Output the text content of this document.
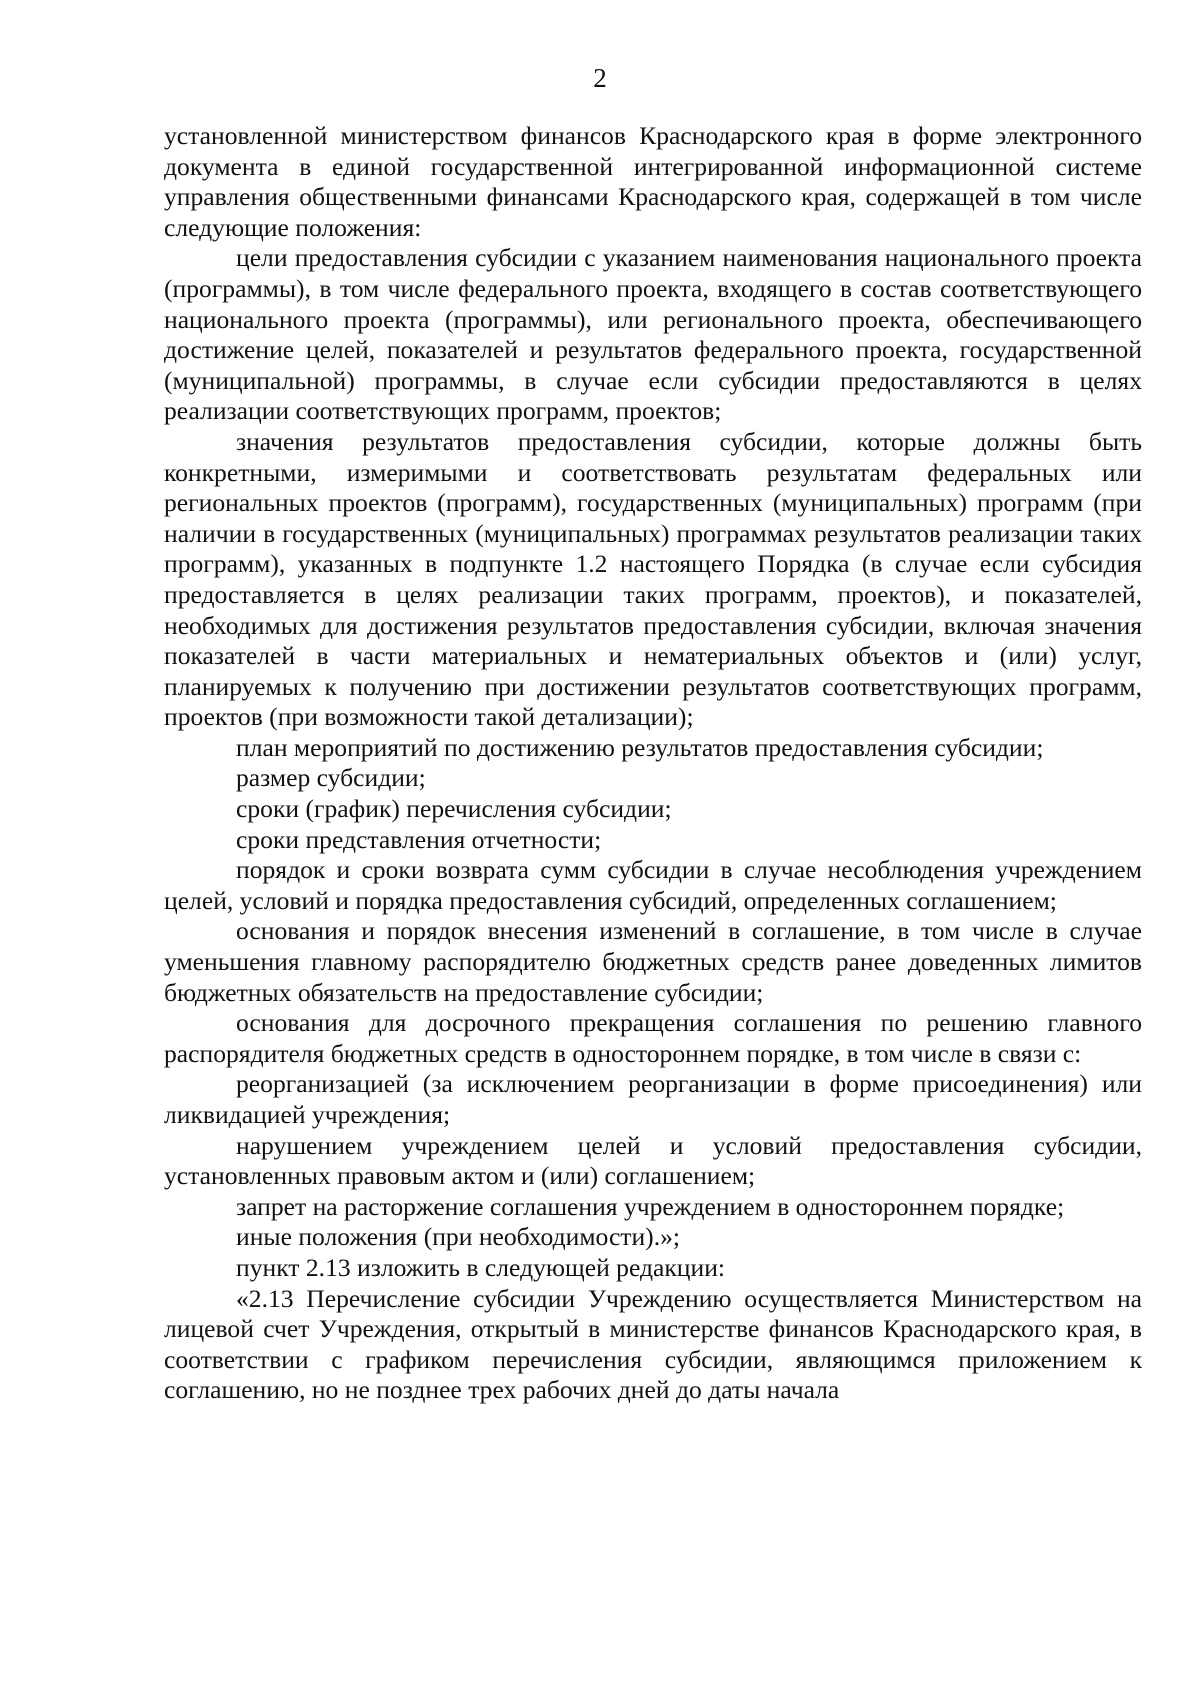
2

установленной министерством финансов Краснодарского края в форме электронного документа в единой государственной интегрированной информационной системе управления общественными финансами Краснодарского края, содержащей в том числе следующие положения:

цели предоставления субсидии с указанием наименования национального проекта (программы), в том числе федерального проекта, входящего в состав соответствующего национального проекта (программы), или регионального проекта, обеспечивающего достижение целей, показателей и результатов федерального проекта, государственной (муниципальной) программы, в случае если субсидии предоставляются в целях реализации соответствующих программ, проектов;

значения результатов предоставления субсидии, которые должны быть конкретными, измеримыми и соответствовать результатам федеральных или региональных проектов (программ), государственных (муниципальных) программ (при наличии в государственных (муниципальных) программах результатов реализации таких программ), указанных в подпункте 1.2 настоящего Порядка (в случае если субсидия предоставляется в целях реализации таких программ, проектов), и показателей, необходимых для достижения результатов предоставления субсидии, включая значения показателей в части материальных и нематериальных объектов и (или) услуг, планируемых к получению при достижении результатов соответствующих программ, проектов (при возможности такой детализации);

план мероприятий по достижению результатов предоставления субсидии;

размер субсидии;

сроки (график) перечисления субсидии;

сроки представления отчетности;

порядок и сроки возврата сумм субсидии в случае несоблюдения учреждением целей, условий и порядка предоставления субсидий, определенных соглашением;

основания и порядок внесения изменений в соглашение, в том числе в случае уменьшения главному распорядителю бюджетных средств ранее доведенных лимитов бюджетных обязательств на предоставление субсидии;

основания для досрочного прекращения соглашения по решению главного распорядителя бюджетных средств в одностороннем порядке, в том числе в связи с:

реорганизацией (за исключением реорганизации в форме присоединения) или ликвидацией учреждения;

нарушением учреждением целей и условий предоставления субсидии, установленных правовым актом и (или) соглашением;

запрет на расторжение соглашения учреждением в одностороннем порядке;

иные положения (при необходимости).»;

пункт 2.13 изложить в следующей редакции:

«2.13 Перечисление субсидии Учреждению осуществляется Министерством на лицевой счет Учреждения, открытый в министерстве финансов Краснодарского края, в соответствии с графиком перечисления субсидии, являющимся приложением к соглашению, но не позднее трех рабочих дней до даты начала
